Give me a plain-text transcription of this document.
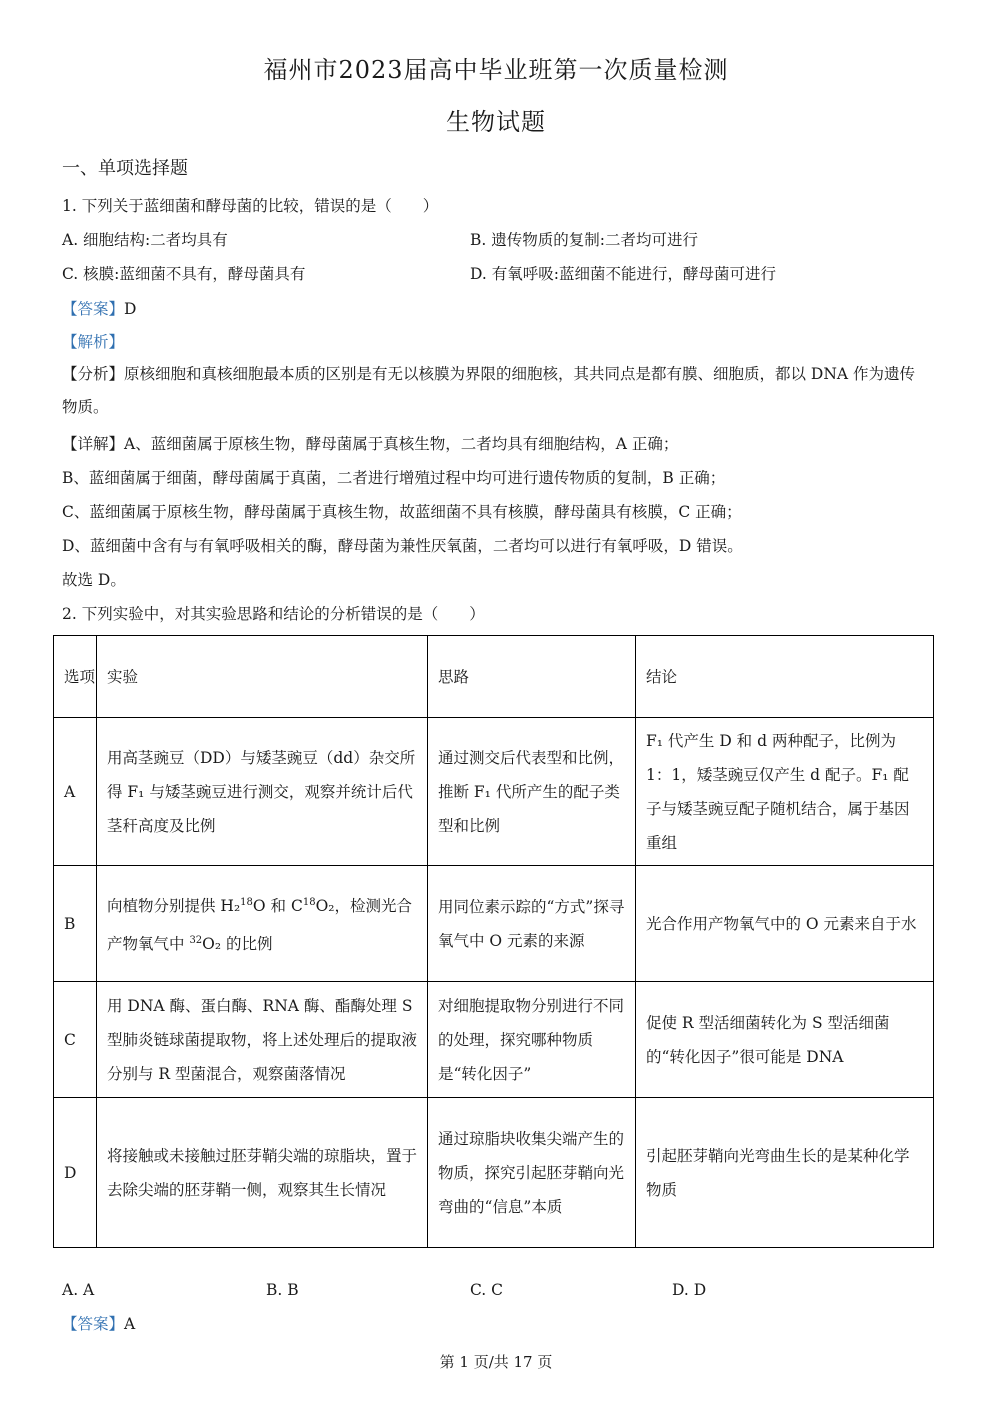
福州市2023届高中毕业班第一次质量检测
生物试题
一、单项选择题
1. 下列关于蓝细菌和酵母菌的比较，错误的是（　　）
A. 细胞结构:二者均具有	B. 遗传物质的复制:二者均可进行
C. 核膜:蓝细菌不具有，酵母菌具有	D. 有氧呼吸:蓝细菌不能进行，酵母菌可进行
【答案】D
【解析】
【分析】原核细胞和真核细胞最本质的区别是有无以核膜为界限的细胞核，其共同点是都有膜、细胞质，都以 DNA 作为遗传物质。
【详解】A、蓝细菌属于原核生物，酵母菌属于真核生物，二者均具有细胞结构，A 正确；
B、蓝细菌属于细菌，酵母菌属于真菌，二者进行增殖过程中均可进行遗传物质的复制，B 正确；
C、蓝细菌属于原核生物，酵母菌属于真核生物，故蓝细菌不具有核膜，酵母菌具有核膜，C 正确；
D、蓝细菌中含有与有氧呼吸相关的酶，酵母菌为兼性厌氧菌，二者均可以进行有氧呼吸，D 错误。
故选 D。
2. 下列实验中，对其实验思路和结论的分析错误的是（　　）
选项	实验	思路	结论
A	用高茎豌豆（DD）与矮茎豌豆（dd）杂交所得 F₁ 与矮茎豌豆进行测交，观察并统计后代茎秆高度及比例	通过测交后代表型和比例，推断 F₁ 代所产生的配子类型和比例	F₁ 代产生 D 和 d 两种配子，比例为 1：1，矮茎豌豆仅产生 d 配子。F₁ 配子与矮茎豌豆配子随机结合，属于基因重组
B	向植物分别提供 H₂$^{18}$O 和 $C^{18}O_2$，检测光合产物氧气中 $^{32}$O₂ 的比例	用同位素示踪的“方式”探寻氧气中 O 元素的来源	光合作用产物氧气中的 O 元素来自于水
C	用 DNA 酶、蛋白酶、RNA 酶、酯酶处理 S 型肺炎链球菌提取物，将上述处理后的提取液分别与 R 型菌混合，观察菌落情况	对细胞提取物分别进行不同的处理，探究哪种物质是“转化因子”	促使 R 型活细菌转化为 S 型活细菌的“转化因子”很可能是 DNA
D	将接触或未接触过胚芽鞘尖端的琼脂块，置于去除尖端的胚芽鞘一侧，观察其生长情况	通过琼脂块收集尖端产生的物质，探究引起胚芽鞘向光弯曲的“信息”本质	引起胚芽鞘向光弯曲生长的是某种化学物质
A. A	B. B	C. C	D. D
【答案】A
第 1 页/共 17 页
